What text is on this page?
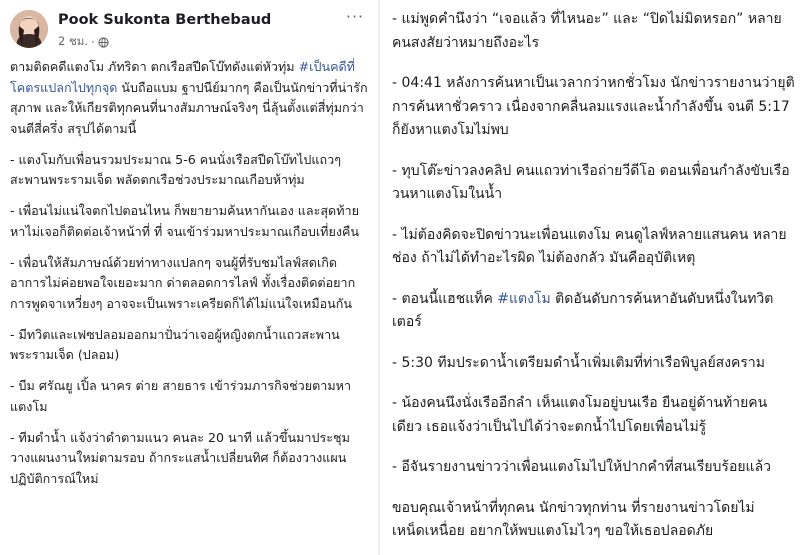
Pook Sukonta Berthebaud
2 ชม. ·
···

ตามติดคดีแตงโม ภัทริดา ตกเรือสปีดโบ๊ทดังแต่หัวทุ่ม #เป็นคดีที่โคตรแปลกไปทุกจุด นับถือแบม ฐาปนีย์มากๆ คือเป็นนักข่าวที่น่ารัก สุภาพ และให้เกียรติทุกคนที่นางสัมภาษณ์จริงๆ นี่ลุ้นตั้งแต่สี่ทุ่มกว่าจนตีสี่ครึ่ง สรุปได้ตามนี้

- แตงโมกับเพื่อนรวมประมาณ 5-6 คนนั่งเรือสปีดโบ๊ทไปแถวๆ สะพานพระรามเจ็ด พลัดตกเรือช่วงประมาณเกือบห้าทุ่ม

- เพื่อนไม่แน่ใจตกไปตอนไหน ก็พยายามค้นหากันเอง และสุดท้ายหาไม่เจอก็ติดต่อเจ้าหน้าที่ ที่ จนเข้าร่วมหาประมาณเกือบเที่ยงคืน

- เพื่อนให้สัมภาษณ์ด้วยท่าทางแปลกๆ จนผู้ที่รับชมไลฟ์สดเกิดอาการไม่ค่อยพอใจเยอะมาก ด่าตลอดการไลฟ์ ทั้งเรื่องติดต่อยาก การพูดจาเหวี่ยงๆ อาจจะเป็นเพราะเครียดก็ได้ไม่แน่ใจเหมือนกัน

- มีทวิตและเฟซปลอมออกมาปั่นว่าเจอผู้หญิงตกน้ำแถวสะพานพระรามเจ็ด (ปลอม)

- บีม ศรัณยู เปิ้ล นาคร ต่าย สายธาร เข้าร่วมภารกิจช่วยตามหาแตงโม

- ทีมดำน้ำ แจ้งว่าดำตามแนว คนละ 20 นาที แล้วขึ้นมาประชุมวางแผนงานใหม่ตามรอบ ถ้ากระแสน้ำเปลี่ยนทิศ ก็ต้องวางแผนปฏิบัติการณ์ใหม่

- แม่พูดคำนึงว่า “เจอแล้ว ที่ไหนอะ” และ “ปิดไม่มิดหรอก” หลายคนสงสัยว่าหมายถึงอะไร

- 04:41 หลังการค้นหาเป็นเวลากว่าหกชั่วโมง นักข่าวรายงานว่ายุติการค้นหาชั่วคราว เนื่องจากคลื่นลมแรงและน้ำกำลังขึ้น จนตี 5:17 ก็ยังหาแตงโมไม่พบ

- ทุบโต๊ะข่าวลงคลิป คนแถวท่าเรือถ่ายวีดีโอ ตอนเพื่อนกำลังขับเรือวนหาแตงโมในน้ำ

- ไม่ต้องคิดจะปิดข่าวนะเพื่อนแตงโม คนดูไลฟ์หลายแสนคน หลายช่อง ถ้าไม่ได้ทำอะไรผิด ไม่ต้องกลัว มันคืออุบัติเหตุ

- ตอนนี้แฮชแท็ค #แตงโม ติดอันดับการค้นหาอันดับหนึ่งในทวิตเตอร์

- 5:30 ทีมประดาน้ำเตรียมดำน้ำเพิ่มเติมที่ท่าเรือพิบูลย์สงคราม

- น้องคนนึงนั่งเรืออีกลำ เห็นแตงโมอยู่บนเรือ ยืนอยู่ด้านท้ายคนเดียว เธอแจ้งว่าเป็นไปได้ว่าจะตกน้ำไปโดยเพื่อนไม่รู้

- อีจันรายงานข่าวว่าเพื่อนแตงโมไปให้ปากคำที่สนเรียบร้อยแล้ว

ขอบคุณเจ้าหน้าที่ทุกคน นักข่าวทุกท่าน ที่รายงานข่าวโดยไม่เหน็ดเหนื่อย อยากให้พบแตงโมไวๆ ขอให้เธอปลอดภัย
